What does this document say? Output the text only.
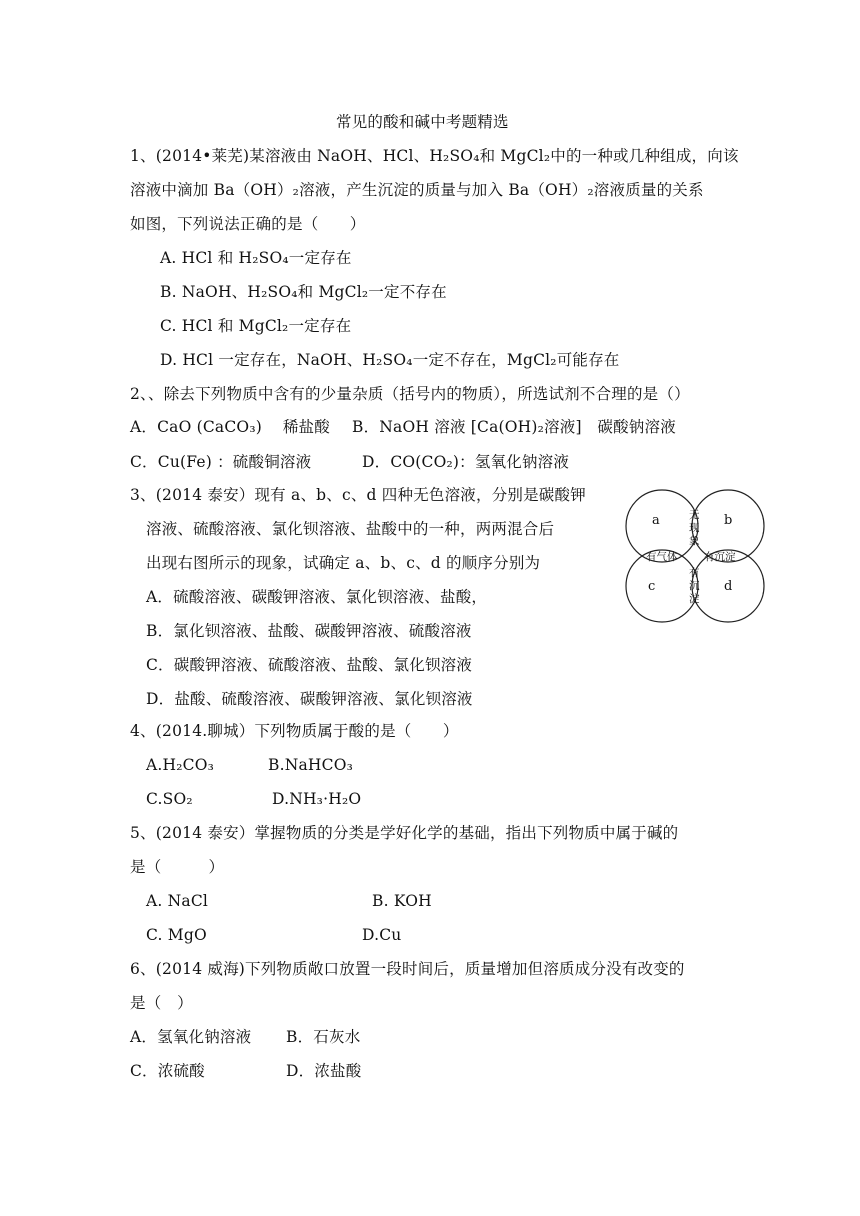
常见的酸和碱中考题精选
1、(2014•莱芜)某溶液由 NaOH、HCl、H₂SO₄和 MgCl₂中的一种或几种组成，向该
溶液中滴加 Ba（OH）₂溶液，产生沉淀的质量与加入 Ba（OH）₂溶液质量的关系
如图，下列说法正确的是（　　）
A. HCl 和 H₂SO₄一定存在
B. NaOH、H₂SO₄和 MgCl₂一定不存在
C. HCl 和 MgCl₂一定存在
D. HCl 一定存在，NaOH、H₂SO₄一定不存在，MgCl₂可能存在
2、、除去下列物质中含有的少量杂质（括号内的物质），所选试剂不合理的是（）
A．CaO (CaCO₃)　 稀盐酸 B．NaOH 溶液 [Ca(OH)₂溶液]　碳酸钠溶液
C．Cu(Fe) ：硫酸铜溶液	D．CO(CO₂)：氢氧化钠溶液
3、(2014 泰安）现有 a、b、c、d 四种无色溶液，分别是碳酸钾
溶液、硫酸溶液、氯化钡溶液、盐酸中的一种，两两混合后
出现右图所示的现象，试确定 a、b、c、d 的顺序分别为
A．硫酸溶液、碳酸钾溶液、氯化钡溶液、盐酸，
B．氯化钡溶液、盐酸、碳酸钾溶液、硫酸溶液
C．碳酸钾溶液、硫酸溶液、盐酸、氯化钡溶液
D．盐酸、硫酸溶液、碳酸钾溶液、氯化钡溶液
a	b
c	d
无
现
象
有气体	有沉淀
有
沉
淀
4、(2014.聊城）下列物质属于酸的是（　　）
A.H₂CO₃	B.NaHCO₃
C.SO₂	D.NH₃·H₂O
5、(2014 泰安）掌握物质的分类是学好化学的基础，指出下列物质中属于碱的
是（　　　）
A. NaCl	B. KOH
C. MgO	D.Cu
6、(2014 威海)下列物质敞口放置一段时间后，质量增加但溶质成分没有改变的
是（　）
A．氢氧化钠溶液 B．石灰水
C．浓硫酸	D．浓盐酸
